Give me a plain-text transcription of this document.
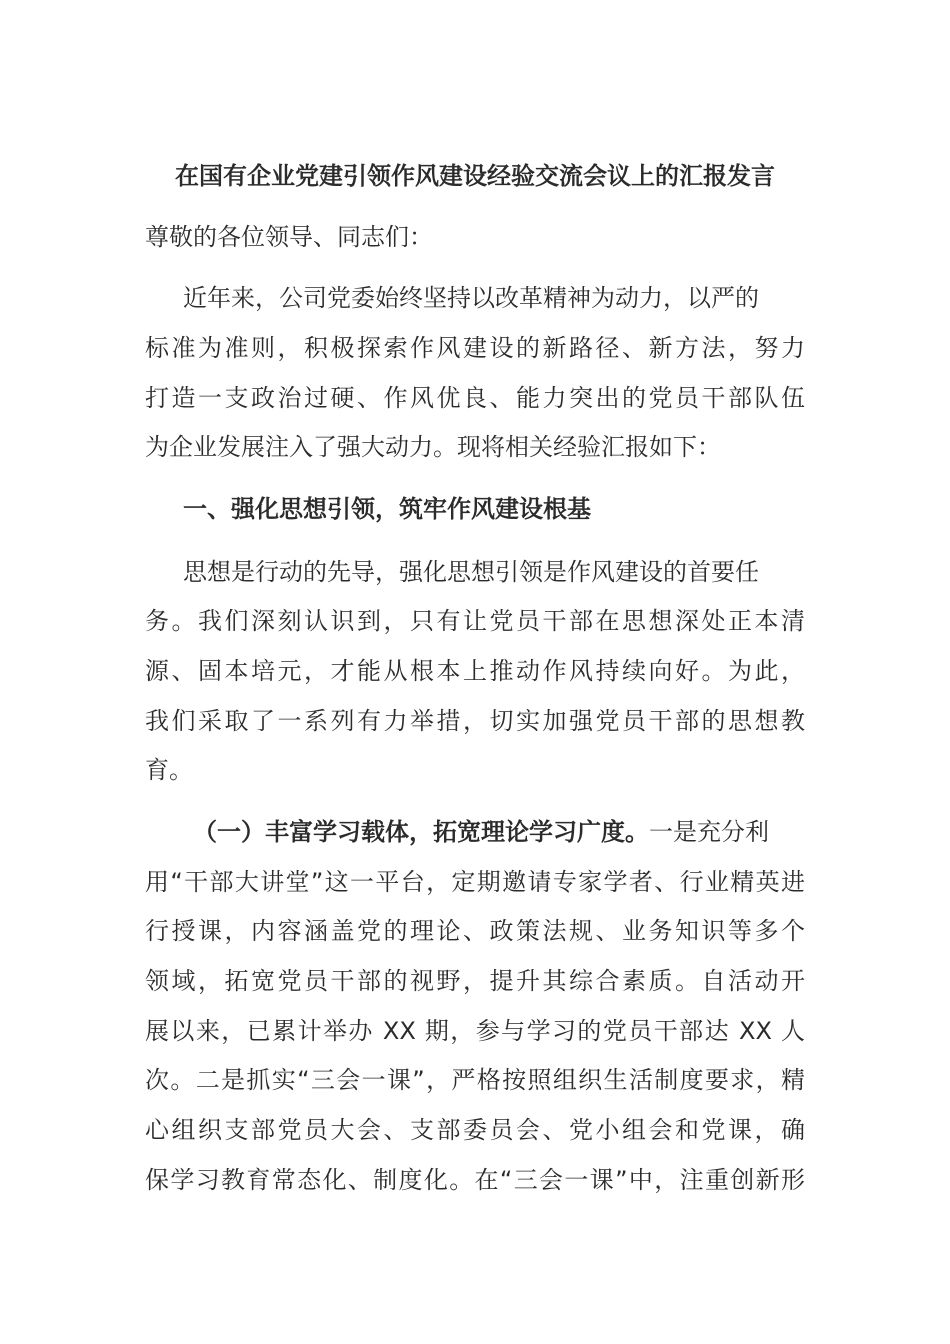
在国有企业党建引领作风建设经验交流会议上的汇报发言
尊敬的各位领导、同志们：
近年来，公司党委始终坚持以改革精神为动力，以严的
标准为准则，积极探索作风建设的新路径、新方法，努力
打造一支政治过硬、作风优良、能力突出的党员干部队伍
为企业发展注入了强大动力。现将相关经验汇报如下：
一、强化思想引领，筑牢作风建设根基
思想是行动的先导，强化思想引领是作风建设的首要任
务。我们深刻认识到，只有让党员干部在思想深处正本清
源、固本培元，才能从根本上推动作风持续向好。为此，
我们采取了一系列有力举措，切实加强党员干部的思想教
育。
（一）丰富学习载体，拓宽理论学习广度。一是充分利
用“干部大讲堂”这一平台，定期邀请专家学者、行业精英进
行授课，内容涵盖党的理论、政策法规、业务知识等多个
领域，拓宽党员干部的视野，提升其综合素质。自活动开
展以来，已累计举办 XX 期，参与学习的党员干部达 XX 人
次。二是抓实“三会一课”，严格按照组织生活制度要求，精
心组织支部党员大会、支部委员会、党小组会和党课，确
保学习教育常态化、制度化。在“三会一课”中，注重创新形
